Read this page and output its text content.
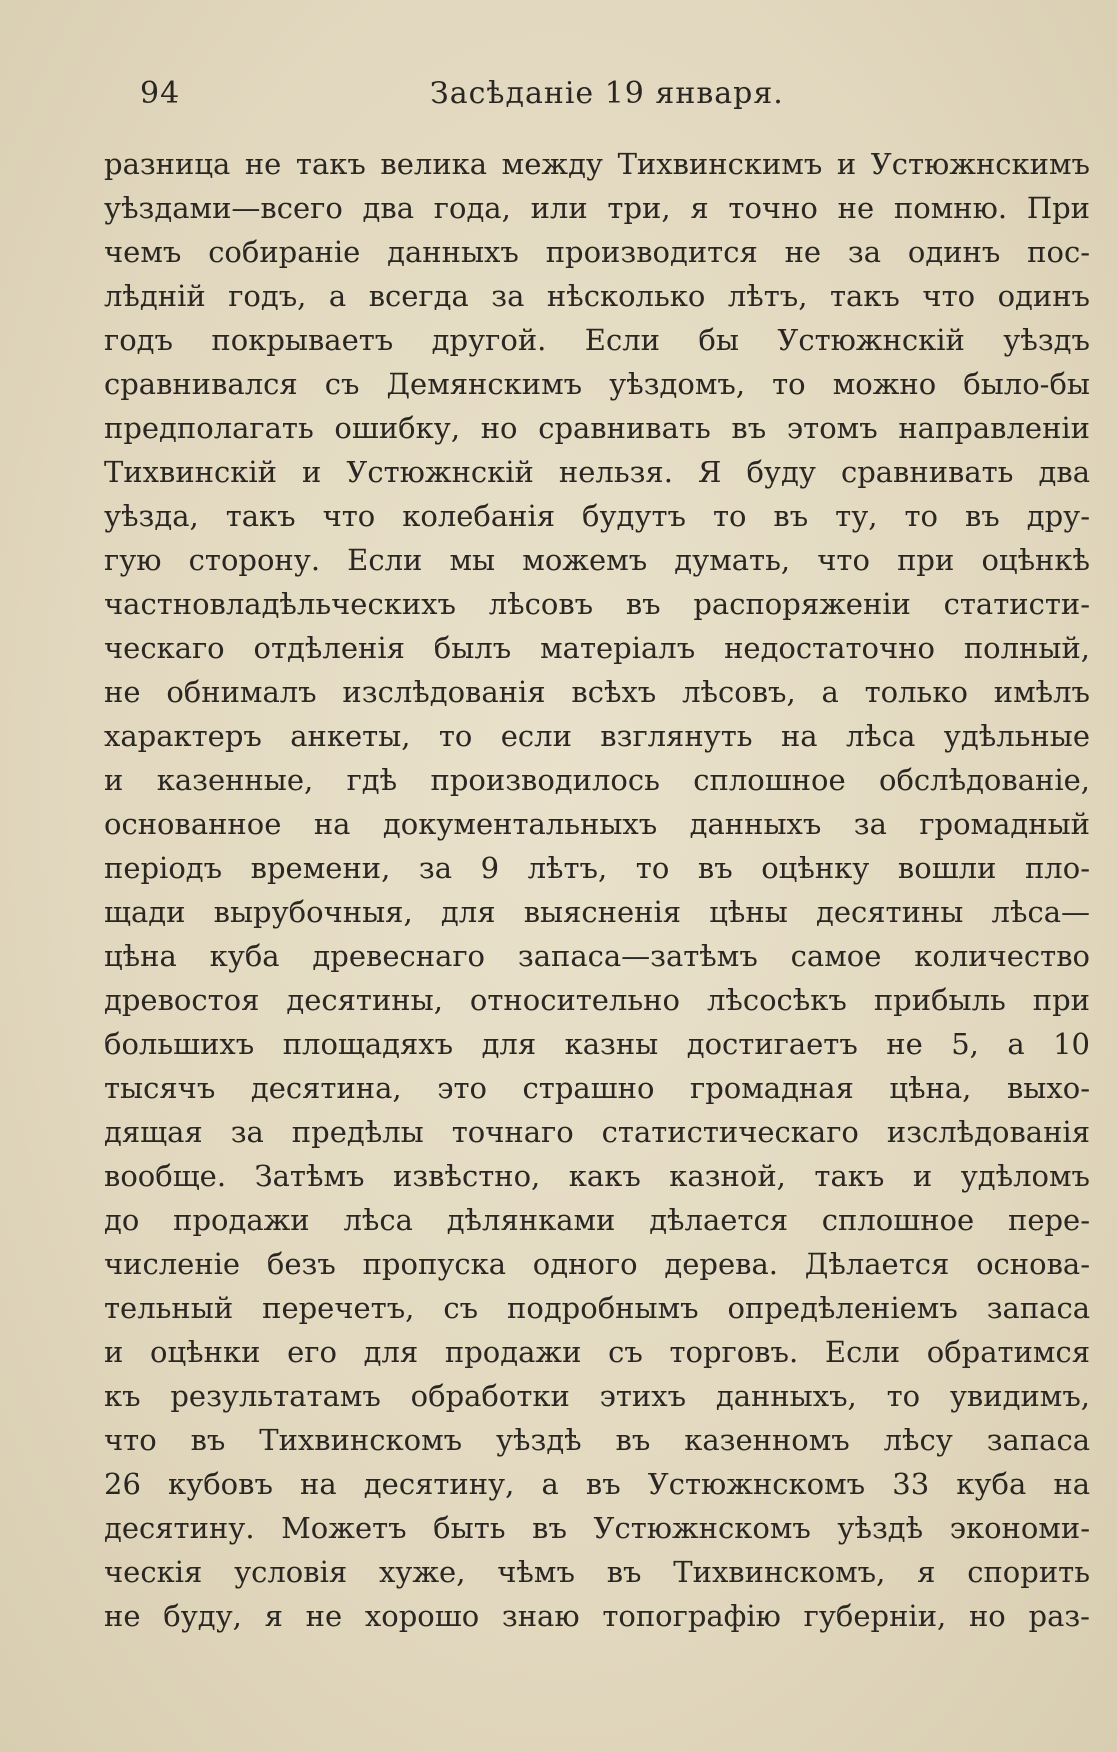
94	Засѣданіе 19 января.
разница не такъ велика между Тихвинскимъ и Устюжнскимъ
уѣздами—всего два года, или три, я точно не помню. При
чемъ собираніе данныхъ производится не за одинъ пос-
лѣдній годъ, а всегда за нѣсколько лѣтъ, такъ что одинъ
годъ покрываетъ другой. Если бы Устюжнскій уѣздъ
сравнивался съ Демянскимъ уѣздомъ, то можно было-бы
предполагать ошибку, но сравнивать въ этомъ направленіи
Тихвинскій и Устюжнскій нельзя. Я буду сравнивать два
уѣзда, такъ что колебанія будутъ то въ ту, то въ дру-
гую сторону. Если мы можемъ думать, что при оцѣнкѣ
частновладѣльческихъ лѣсовъ въ распоряженіи статисти-
ческаго отдѣленія былъ матеріалъ недостаточно полный,
не обнималъ изслѣдованія всѣхъ лѣсовъ, а только имѣлъ
характеръ анкеты, то если взглянуть на лѣса удѣльные
и казенные, гдѣ производилось сплошное обслѣдованіе,
основанное на документальныхъ данныхъ за громадный
періодъ времени, за 9 лѣтъ, то въ оцѣнку вошли пло-
щади вырубочныя, для выясненія цѣны десятины лѣса—
цѣна куба древеснаго запаса—затѣмъ самое количество
древостоя десятины, относительно лѣсосѣкъ прибыль при
большихъ площадяхъ для казны достигаетъ не 5, а 10
тысячъ десятина, это страшно громадная цѣна, выхо-
дящая за предѣлы точнаго статистическаго изслѣдованія
вообще. Затѣмъ извѣстно, какъ казной, такъ и удѣломъ
до продажи лѣса дѣлянками дѣлается сплошное пере-
численіе безъ пропуска одного дерева. Дѣлается основа-
тельный перечетъ, съ подробнымъ опредѣленіемъ запаса
и оцѣнки его для продажи съ торговъ. Если обратимся
къ результатамъ обработки этихъ данныхъ, то увидимъ,
что въ Тихвинскомъ уѣздѣ въ казенномъ лѣсу запаса
26 кубовъ на десятину, а въ Устюжнскомъ 33 куба на
десятину. Можетъ быть въ Устюжнскомъ уѣздѣ экономи-
ческія условія хуже, чѣмъ въ Тихвинскомъ, я спорить
не буду, я не хорошо знаю топографію губерніи, но раз-
